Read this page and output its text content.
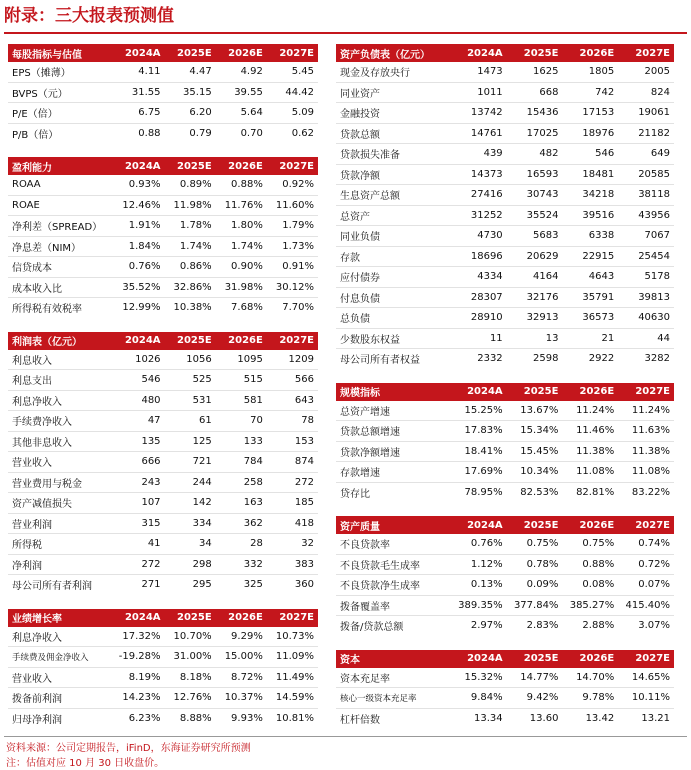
附录：三大报表预测值
每股指标与估值	2024A	2025E	2026E	2027E
EPS（摊薄）	4.11	4.47	4.92	5.45
BVPS（元）	31.55	35.15	39.55	44.42
P/E（倍）	6.75	6.20	5.64	5.09
P/B（倍）	0.88	0.79	0.70	0.62
盈利能力	2024A	2025E	2026E	2027E
ROAA	0.93%	0.89%	0.88%	0.92%
ROAE	12.46%	11.98%	11.76%	11.60%
净利差（SPREAD）	1.91%	1.78%	1.80%	1.79%
净息差（NIM）	1.84%	1.74%	1.74%	1.73%
信贷成本	0.76%	0.86%	0.90%	0.91%
成本收入比	35.52%	32.86%	31.98%	30.12%
所得税有效税率	12.99%	10.38%	7.68%	7.70%
利润表（亿元）	2024A	2025E	2026E	2027E
利息收入	1026	1056	1095	1209
利息支出	546	525	515	566
利息净收入	480	531	581	643
手续费净收入	47	61	70	78
其他非息收入	135	125	133	153
营业收入	666	721	784	874
营业费用与税金	243	244	258	272
资产减值损失	107	142	163	185
营业利润	315	334	362	418
所得税	41	34	28	32
净利润	272	298	332	383
母公司所有者利润	271	295	325	360
业绩增长率	2024A	2025E	2026E	2027E
利息净收入	17.32%	10.70%	9.29%	10.73%
手续费及佣金净收入	-19.28%	31.00%	15.00%	11.09%
营业收入	8.19%	8.18%	8.72%	11.49%
拨备前利润	14.23%	12.76%	10.37%	14.59%
归母净利润	6.23%	8.88%	9.93%	10.81%
资产负债表（亿元）	2024A	2025E	2026E	2027E
现金及存放央行	1473	1625	1805	2005
同业资产	1011	668	742	824
金融投资	13742	15436	17153	19061
贷款总额	14761	17025	18976	21182
贷款损失准备	439	482	546	649
贷款净额	14373	16593	18481	20585
生息资产总额	27416	30743	34218	38118
总资产	31252	35524	39516	43956
同业负债	4730	5683	6338	7067
存款	18696	20629	22915	25454
应付债券	4334	4164	4643	5178
付息负债	28307	32176	35791	39813
总负债	28910	32913	36573	40630
少数股东权益	11	13	21	44
母公司所有者权益	2332	2598	2922	3282
规模指标	2024A	2025E	2026E	2027E
总资产增速	15.25%	13.67%	11.24%	11.24%
贷款总额增速	17.83%	15.34%	11.46%	11.63%
贷款净额增速	18.41%	15.45%	11.38%	11.38%
存款增速	17.69%	10.34%	11.08%	11.08%
贷存比	78.95%	82.53%	82.81%	83.22%
资产质量	2024A	2025E	2026E	2027E
不良贷款率	0.76%	0.75%	0.75%	0.74%
不良贷款毛生成率	1.12%	0.78%	0.88%	0.72%
不良贷款净生成率	0.13%	0.09%	0.08%	0.07%
拨备覆盖率	389.35%	377.84%	385.27%	415.40%
拨备/贷款总额	2.97%	2.83%	2.88%	3.07%
资本	2024A	2025E	2026E	2027E
资本充足率	15.32%	14.77%	14.70%	14.65%
核心一级资本充足率	9.84%	9.42%	9.78%	10.11%
杠杆倍数	13.34	13.60	13.42	13.21
资料来源：公司定期报告，iFinD，东海证券研究所预测
注：估值对应 10 月 30 日收盘价。
